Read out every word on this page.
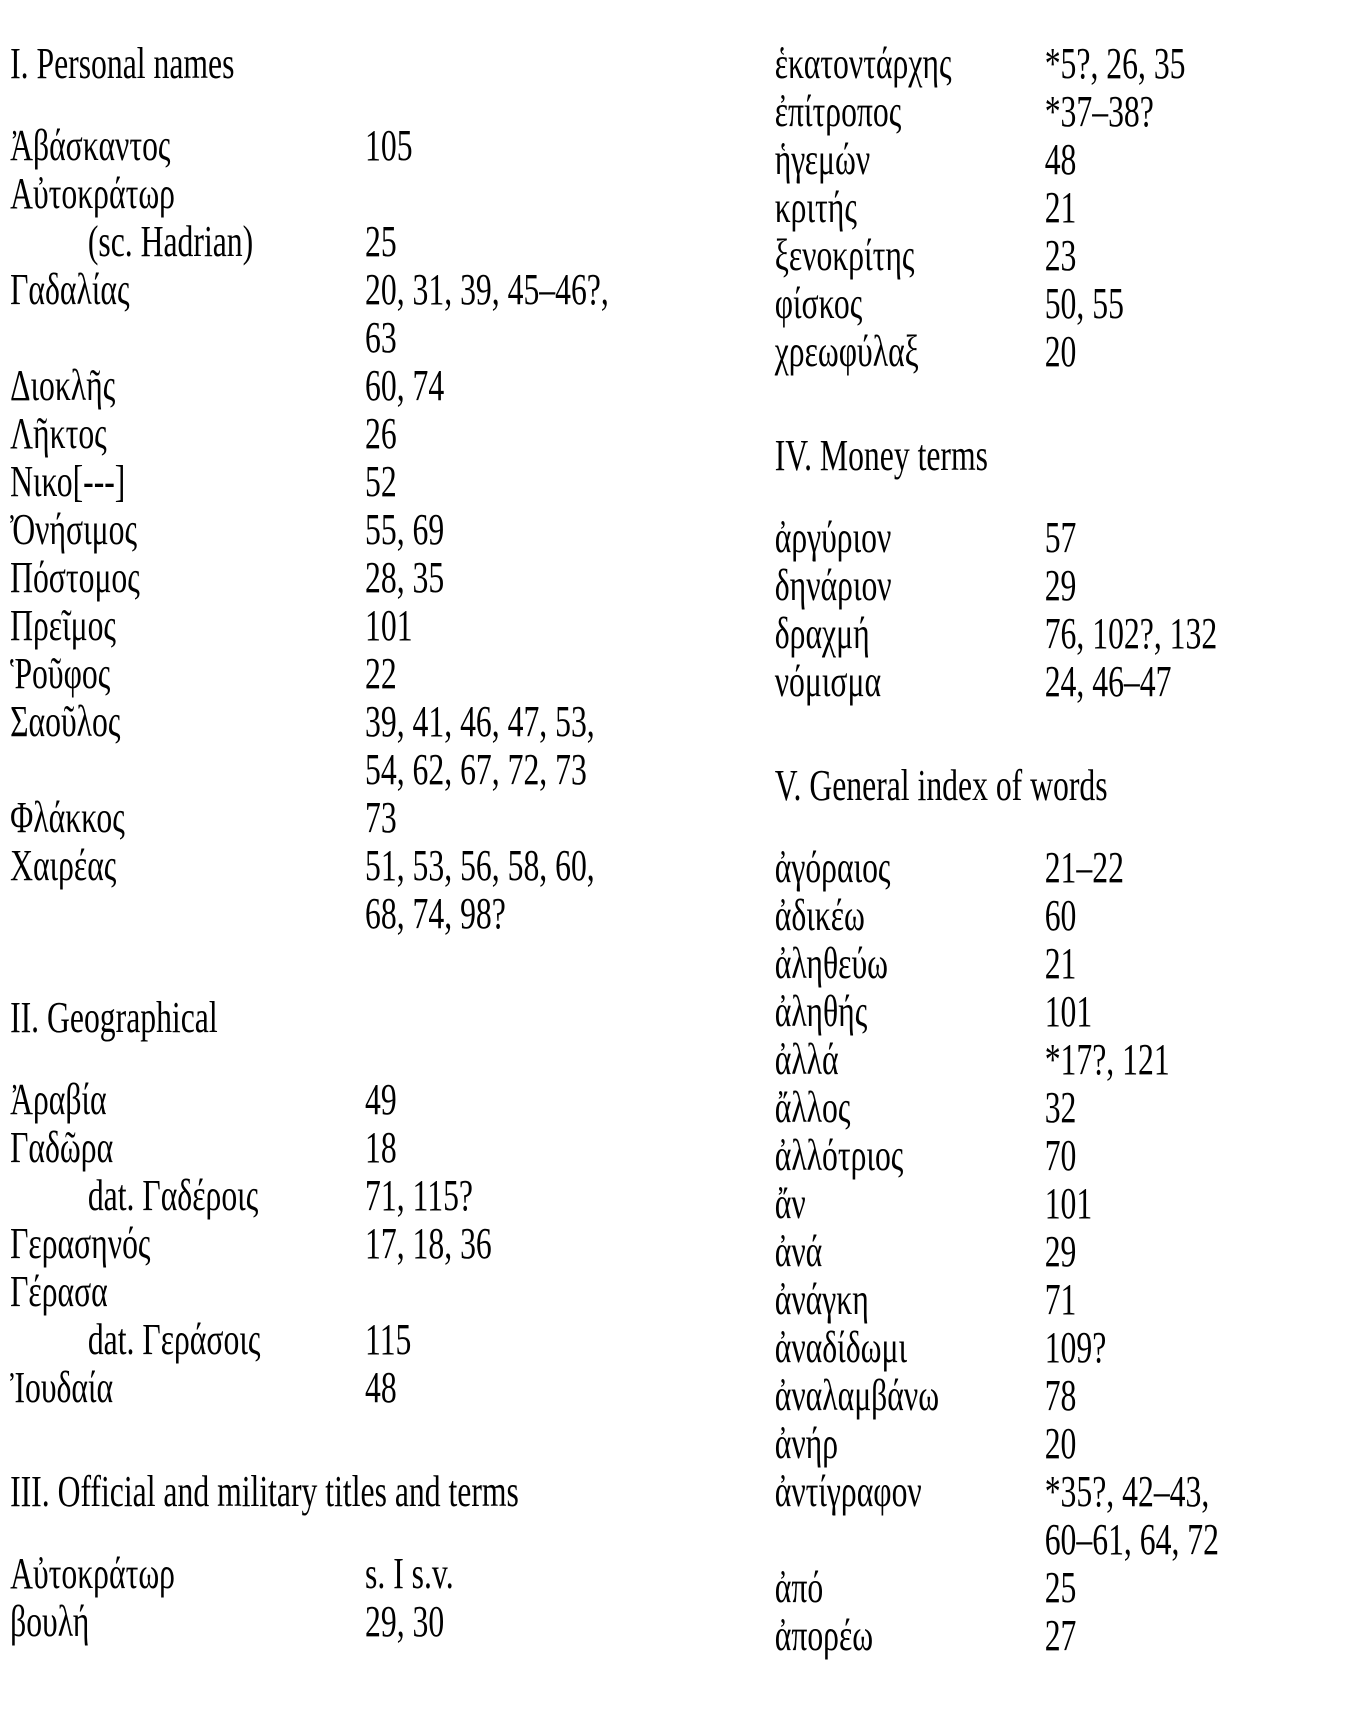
I. Personal names
Ἀβάσκαντος	105
Αὐτοκράτωρ
(sc. Hadrian)	25
Γαδαλίας	20, 31, 39, 45–46?,
63
Διοκλῆς	60, 74
Λῆκτος	26
Νικο[---]	52
Ὀνήσιμος	55, 69
Πόστομος	28, 35
Πρεῖμος	101
Ῥοῦφος	22
Σαοῦλος	39, 41, 46, 47, 53,
54, 62, 67, 72, 73
Φλάκκος	73
Χαιρέας	51, 53, 56, 58, 60,
68, 74, 98?
II. Geographical
Ἀραβία	49
Γαδῶρα	18
dat. Γαδέροις	71, 115?
Γερασηνός	17, 18, 36
Γέρασα
dat. Γεράσοις	115
Ἰουδαία	48
III. Official and military titles and terms
Αὐτοκράτωρ	s. I s.v.
βουλή	29, 30
ἑκατοντάρχης	*5?, 26, 35
ἐπίτροπος	*37–38?
ἡγεμών	48
κριτής	21
ξενοκρίτης	23
φίσκος	50, 55
χρεωφύλαξ	20
IV. Money terms
ἀργύριον	57
δηνάριον	29
δραχμή	76, 102?, 132
νόμισμα	24, 46–47
V. General index of words
ἀγόραιος	21–22
ἀδικέω	60
ἀληθεύω	21
ἀληθής	101
ἀλλά	*17?, 121
ἄλλος	32
ἀλλότριος	70
ἄν	101
ἀνά	29
ἀνάγκη	71
ἀναδίδωμι	109?
ἀναλαμβάνω	78
ἀνήρ	20
ἀντίγραφον	*35?, 42–43,
60–61, 64, 72
ἀπό	25
ἀπορέω	27
